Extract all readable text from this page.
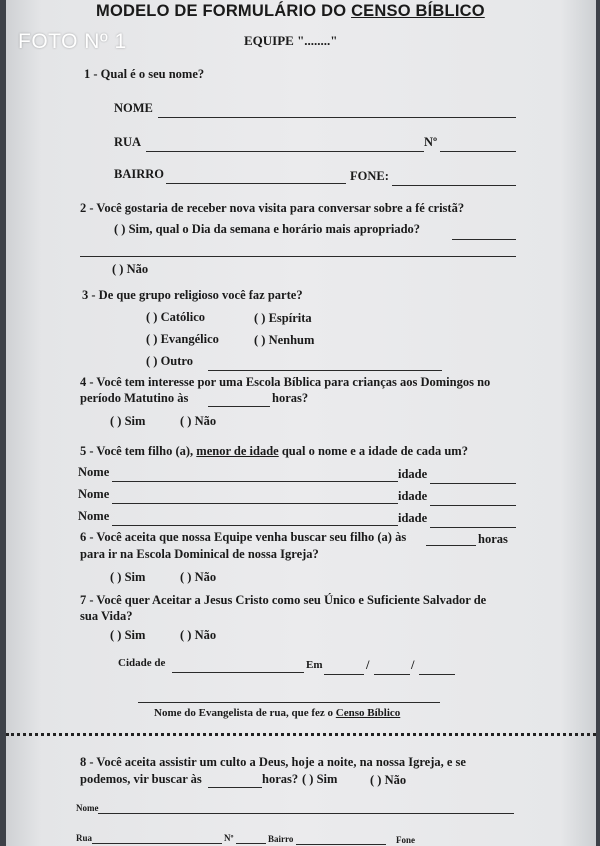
MODELO DE FORMULÁRIO DO CENSO BÍBLICO
FOTO Nº 1	EQUIPE "........"
1 - Qual é o seu nome?
NOME
RUA	Nº
BAIRRO	FONE:
2 - Você gostaria de receber nova visita para conversar sobre a fé cristã?
( ) Sim, qual o Dia da semana e horário mais apropriado?
( ) Não
3 - De que grupo religioso você faz parte?
( ) Católico	( ) Espírita
( ) Evangélico	( ) Nenhum
( ) Outro
4 - Você tem interesse por uma Escola Bíblica para crianças aos Domingos no
período Matutino às	horas?
( ) Sim	( ) Não
5 - Você tem filho (a), menor de idade qual o nome e a idade de cada um?
Nome	idade
Nome	idade
Nome	idade
6 - Você aceita que nossa Equipe venha buscar seu filho (a) às	horas
para ir na Escola Dominical de nossa Igreja?
( ) Sim	( ) Não
7 - Você quer Aceitar a Jesus Cristo como seu Único e Suficiente Salvador de
sua Vida?
( ) Sim	( ) Não
Cidade de	Em	/	/
Nome do Evangelista de rua, que fez o Censo Bíblico
8 - Você aceita assistir um culto a Deus, hoje a noite, na nossa Igreja, e se
podemos, vir buscar às	horas? ( ) Sim	( ) Não
Nome
Rua	Nº	Bairro	Fone
